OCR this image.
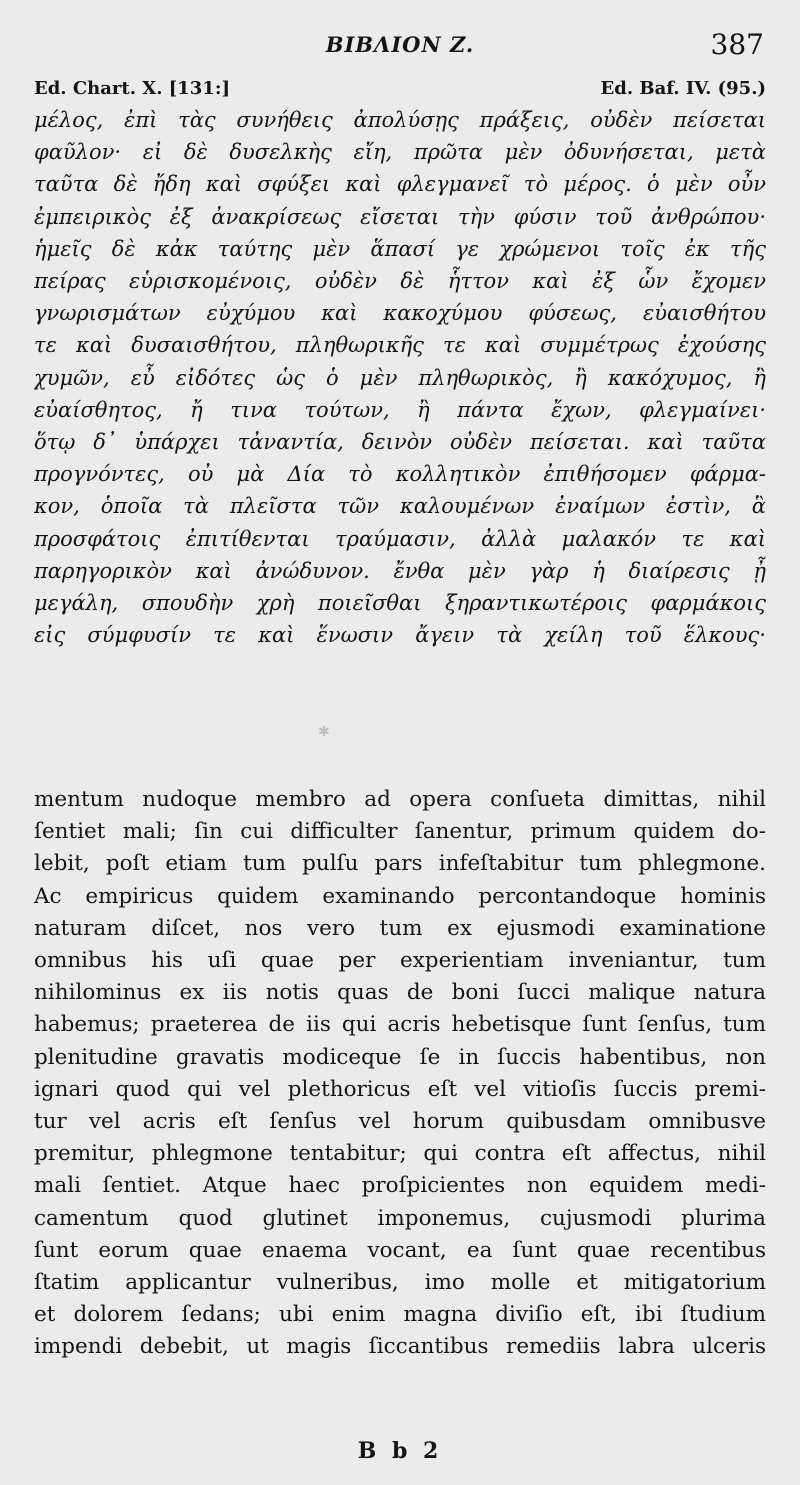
BIBΛION Z.	387
Ed. Chart. X. [131:]	Ed. Baf. IV. (95.)
μέλος, ἐπὶ τὰς συνήθεις ἀπολύσῃς πράξεις, οὐδὲν πείσεται
φαῦλον· εἰ δὲ δυσελκὴς εἴη, πρῶτα μὲν ὀδυνήσεται, μετὰ
ταῦτα δὲ ἤδη καὶ σφύξει καὶ φλεγμανεῖ τὸ μέρος. ὁ μὲν οὖν
ἐμπειρικὸς ἐξ ἀνακρίσεως εἴσεται τὴν φύσιν τοῦ ἀνθρώπου·
ἡμεῖς δὲ κἀκ ταύτης μὲν ἅπασί γε χρώμενοι τοῖς ἐκ τῆς
πείρας εὑρισκομένοις, οὐδὲν δὲ ἧττον καὶ ἐξ ὧν ἔχομεν
γνωρισμάτων εὐχύμου καὶ κακοχύμου φύσεως, εὐαισθήτου
τε καὶ δυσαισθήτου, πληθωρικῆς τε καὶ συμμέτρως ἐχούσης
χυμῶν, εὖ εἰδότες ὡς ὁ μὲν πληθωρικὸς, ἢ κακόχυμος, ἢ
εὐαίσθητος, ἤ τινα τούτων, ἢ πάντα ἔχων, φλεγμαίνει·
ὅτῳ δ᾿ ὑπάρχει τἀναντία, δεινὸν οὐδὲν πείσεται. καὶ ταῦτα
προγνόντες, οὐ μὰ Δία τὸ κολλητικὸν ἐπιθήσομεν φάρμα-
κον, ὁποῖα τὰ πλεῖστα τῶν καλουμένων ἐναίμων ἐστὶν, ἃ
προσφάτοις ἐπιτίθενται τραύμασιν, ἀλλὰ μαλακόν τε καὶ
παρηγορικὸν καὶ ἀνώδυνον. ἔνθα μὲν γὰρ ἡ διαίρεσις ᾖ
μεγάλη, σπουδὴν χρὴ ποιεῖσθαι ξηραντικωτέροις φαρμάκοις
εἰς σύμφυσίν τε καὶ ἕνωσιν ἄγειν τὰ χείλη τοῦ ἕλκους·
✱
mentum nudoque membro ad opera conſueta dimittas, nihil
ſentiet mali; ſin cui difficulter ſanentur, primum quidem do-
lebit, poſt etiam tum pulſu pars infeſtabitur tum phlegmone.
Ac empiricus quidem examinando percontandoque hominis
naturam diſcet, nos vero tum ex ejusmodi examinatione
omnibus his uſi quae per experientiam inveniantur, tum
nihilominus ex iis notis quas de boni ſucci malique natura
habemus; praeterea de iis qui acris hebetisque ſunt ſenſus, tum
plenitudine gravatis modiceque ſe in ſuccis habentibus, non
ignari quod qui vel plethoricus eſt vel vitioſis ſuccis premi-
tur vel acris eſt ſenſus vel horum quibusdam omnibusve
premitur, phlegmone tentabitur; qui contra eſt affectus, nihil
mali ſentiet. Atque haec proſpicientes non equidem medi-
camentum quod glutinet imponemus, cujusmodi plurima
ſunt eorum quae enaema vocant, ea ſunt quae recentibus
ſtatim applicantur vulneribus, imo molle et mitigatorium
et dolorem ſedans; ubi enim magna diviſio eſt, ibi ſtudium
impendi debebit, ut magis ſiccantibus remediis labra ulceris
B b 2
